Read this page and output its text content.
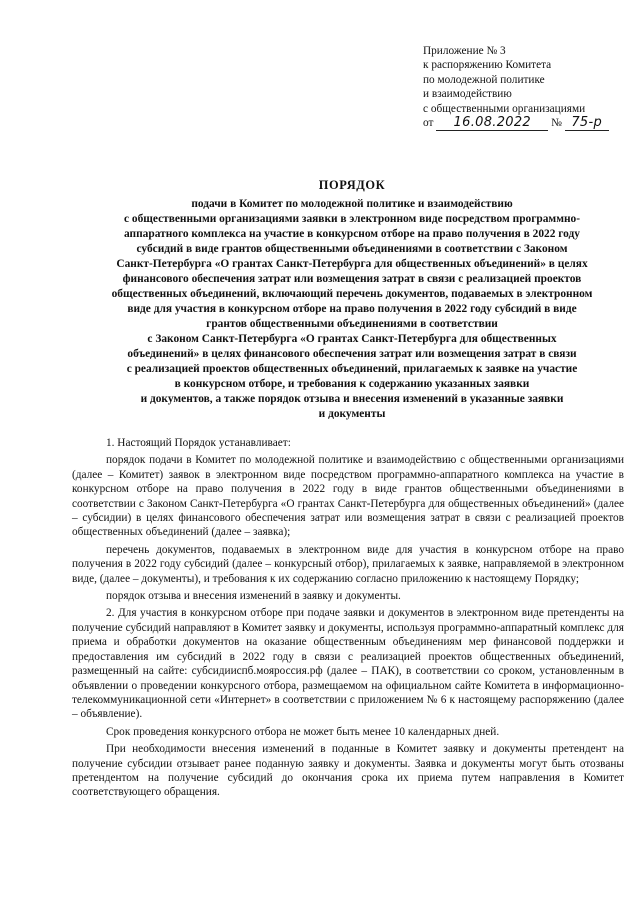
Приложение № 3
к распоряжению Комитета
по молодежной политике
и взаимодействию
с общественными организациями
от 16.08.2022 № 75-р
ПОРЯДОК
подачи в Комитет по молодежной политике и взаимодействию
с общественными организациями заявки в электронном виде посредством программно-
аппаратного комплекса на участие в конкурсном отборе на право получения в 2022 году
субсидий в виде грантов общественными объединениями в соответствии с Законом
Санкт-Петербурга «О грантах Санкт-Петербурга для общественных объединений» в целях
финансового обеспечения затрат или возмещения затрат в связи с реализацией проектов
общественных объединений, включающий перечень документов, подаваемых в электронном
виде для участия в конкурсном отборе на право получения в 2022 году субсидий в виде
грантов общественными объединениями в соответствии
с Законом Санкт-Петербурга «О грантах Санкт-Петербурга для общественных
объединений» в целях финансового обеспечения затрат или возмещения затрат в связи
с реализацией проектов общественных объединений, прилагаемых к заявке на участие
в конкурсном отборе, и требования к содержанию указанных заявки
и документов, а также порядок отзыва и внесения изменений в указанные заявки
и документы

1. Настоящий Порядок устанавливает:

порядок подачи в Комитет по молодежной политике и взаимодействию с общественными организациями (далее – Комитет) заявок в электронном виде посредством программно-аппаратного комплекса на участие в конкурсном отборе на право получения в 2022 году в виде грантов общественными объединениями в соответствии с Законом Санкт-Петербурга «О грантах Санкт-Петербурга для общественных объединений» (далее – субсидии) в целях финансового обеспечения затрат или возмещения затрат в связи с реализацией проектов общественных объединений (далее – заявка);

перечень документов, подаваемых в электронном виде для участия в конкурсном отборе на право получения в 2022 году субсидий (далее – конкурсный отбор), прилагаемых к заявке, направляемой в электронном виде, (далее – документы), и требования к их содержанию согласно приложению к настоящему Порядку;

порядок отзыва и внесения изменений в заявку и документы.

2. Для участия в конкурсном отборе при подаче заявки и документов в электронном виде претенденты на получение субсидий направляют в Комитет заявку и документы, используя программно-аппаратный комплекс для приема и обработки документов на оказание общественным объединениям мер финансовой поддержки и предоставления им субсидий в 2022 году в связи с реализацией проектов общественных объединений, размещенный на сайте: субсидииспб.мояроссия.рф (далее – ПАК), в соответствии со сроком, установленным в объявлении о проведении конкурсного отбора, размещаемом на официальном сайте Комитета в информационно-телекоммуникационной сети «Интернет» в соответствии с приложением № 6 к настоящему распоряжению (далее – объявление).

Срок проведения конкурсного отбора не может быть менее 10 календарных дней.

При необходимости внесения изменений в поданные в Комитет заявку и документы претендент на получение субсидии отзывает ранее поданную заявку и документы. Заявка и документы могут быть отозваны претендентом на получение субсидий до окончания срока их приема путем направления в Комитет соответствующего обращения.
